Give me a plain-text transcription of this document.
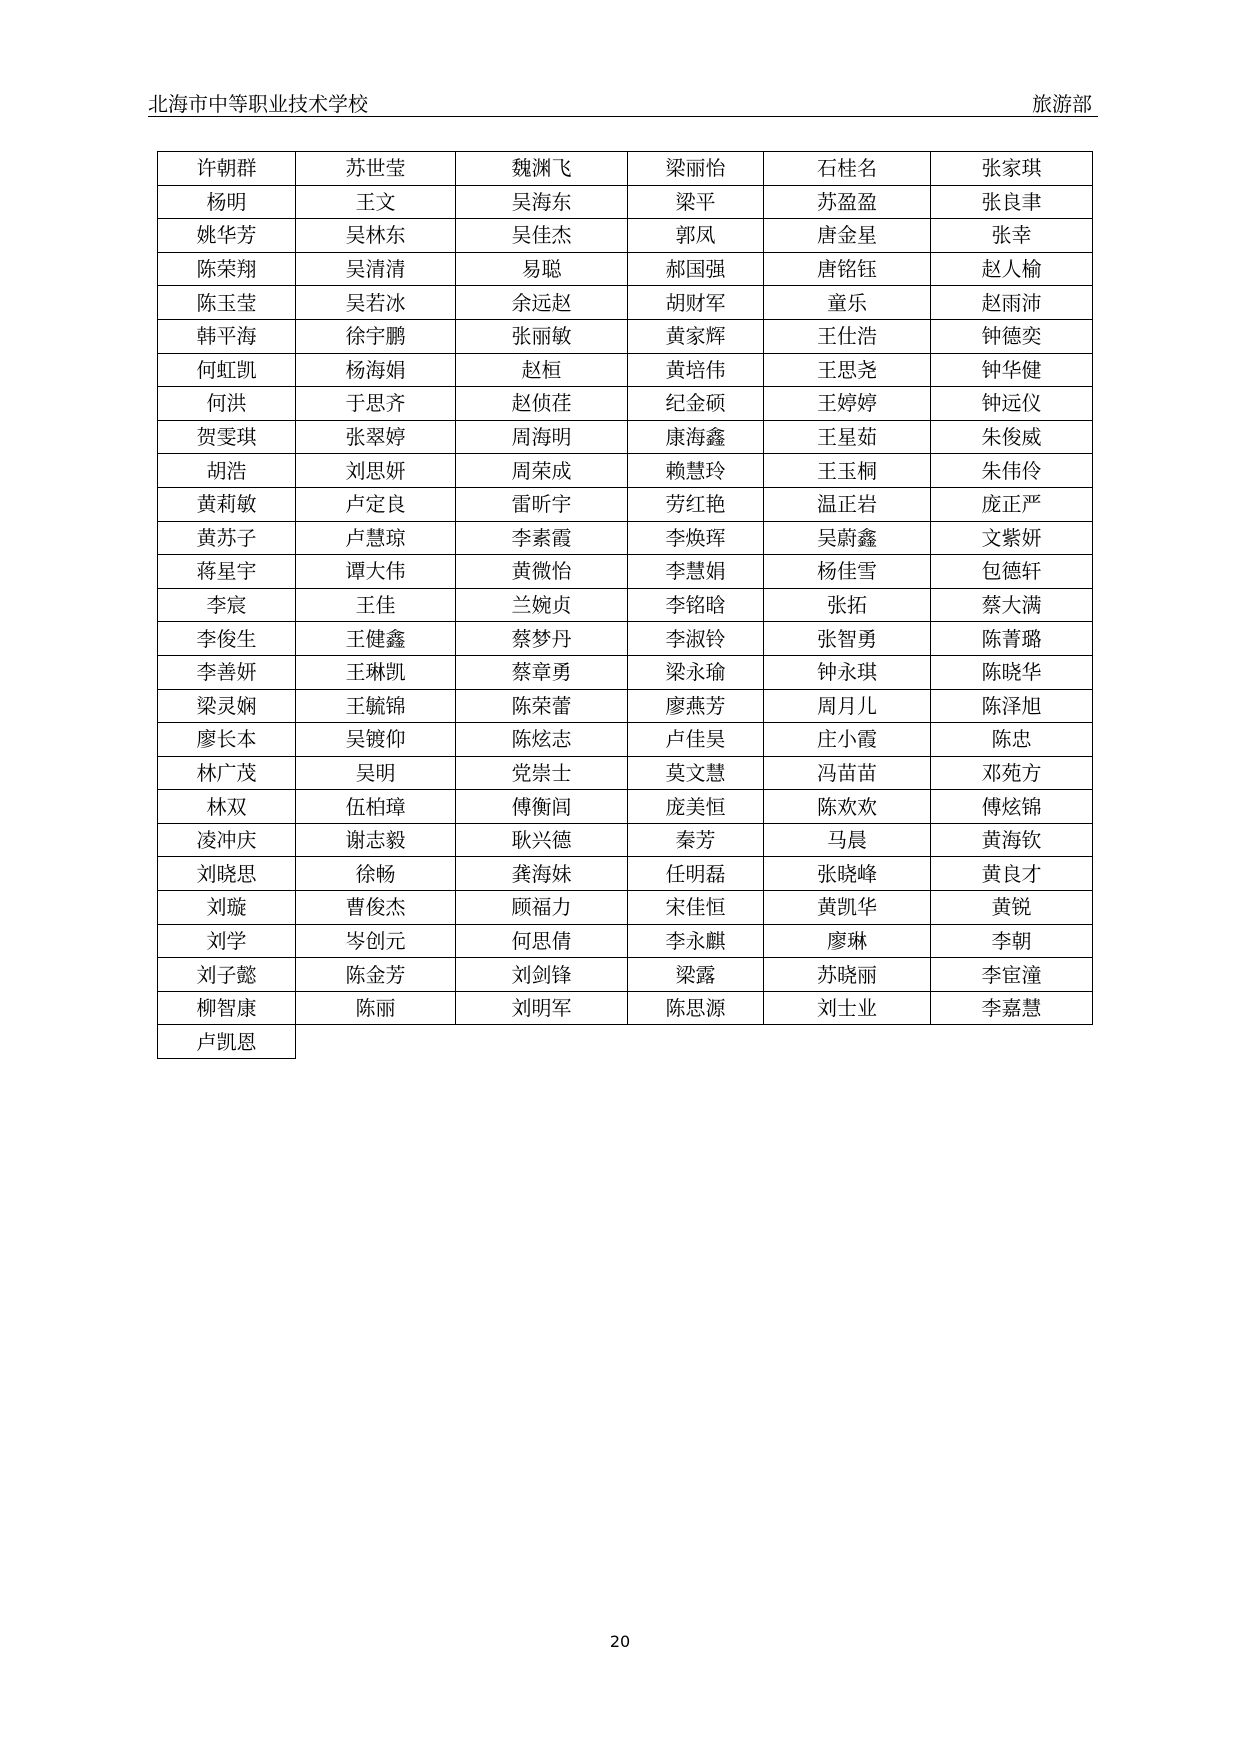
北海市中等职业技术学校	旅游部
许朝群	苏世莹	魏渊飞	梁丽怡	石桂名	张家琪
杨明	王文	吴海东	梁平	苏盈盈	张良聿
姚华芳	吴林东	吴佳杰	郭凤	唐金星	张幸
陈荣翔	吴清清	易聪	郝国强	唐铭钰	赵人榆
陈玉莹	吴若冰	余远赵	胡财军	童乐	赵雨沛
韩平海	徐宇鹏	张丽敏	黄家辉	王仕浩	钟德奕
何虹凯	杨海娟	赵桓	黄培伟	王思尧	钟华健
何洪	于思齐	赵侦荏	纪金硕	王婷婷	钟远仪
贺雯琪	张翠婷	周海明	康海鑫	王星茹	朱俊威
胡浩	刘思妍	周荣成	赖慧玲	王玉桐	朱伟伶
黄莉敏	卢定良	雷昕宇	劳红艳	温正岩	庞正严
黄苏子	卢慧琼	李素霞	李焕珲	吴蔚鑫	文紫妍
蒋星宇	谭大伟	黄微怡	李慧娟	杨佳雪	包德轩
李宸	王佳	兰婉贞	李铭晗	张拓	蔡大满
李俊生	王健鑫	蔡梦丹	李淑铃	张智勇	陈菁璐
李善妍	王琳凯	蔡章勇	梁永瑜	钟永琪	陈晓华
梁灵娴	王毓锦	陈荣蕾	廖燕芳	周月儿	陈泽旭
廖长本	吴镀仰	陈炫志	卢佳昊	庄小霞	陈忠
林广茂	吴明	党崇士	莫文慧	冯苗苗	邓苑方
林双	伍柏璋	傅衡闾	庞美恒	陈欢欢	傅炫锦
凌冲庆	谢志毅	耿兴德	秦芳	马晨	黄海钦
刘晓思	徐畅	龚海妹	任明磊	张晓峰	黄良才
刘璇	曹俊杰	顾福力	宋佳恒	黄凯华	黄锐
刘学	岑创元	何思倩	李永麒	廖琳	李朝
刘子懿	陈金芳	刘剑锋	梁露	苏晓丽	李宦潼
柳智康	陈丽	刘明军	陈思源	刘士业	李嘉慧
卢凯恩					
20
